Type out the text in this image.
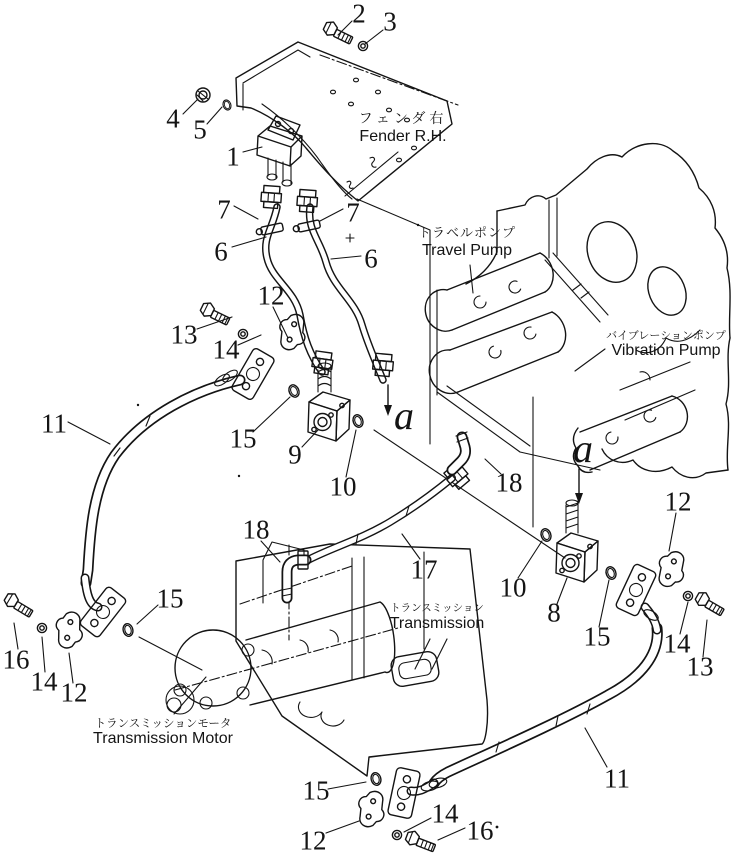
2 3
4 5
1
7	7
6	6
12
13 14
11	15
9
10	18
17
18
10
8
15
12
14
13
15
16
14 12
15
12
14
16
11
a
a
フェンダ右
Fender R.H.
トラベルポンプ
Travel Pump
バイブレーションポンプ
Vibration Pump
トランスミッション
Transmission
トランスミッションモータ
Transmission Motor
